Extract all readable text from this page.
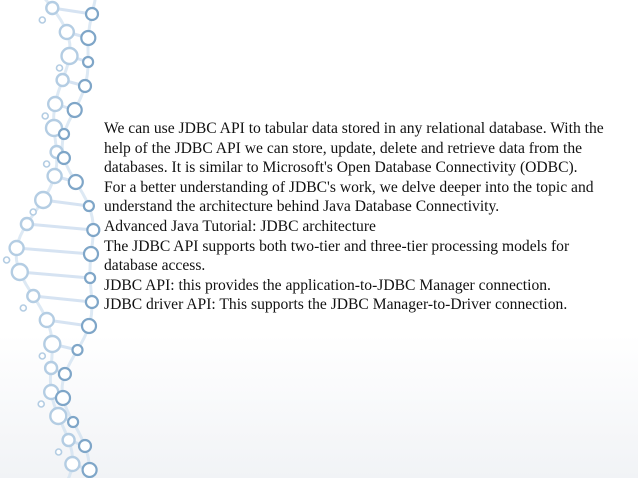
We can use JDBC API to tabular data stored in any relational database. With the help of the JDBC API we can store, update, delete and retrieve data from the databases. It is similar to Microsoft's Open Database Connectivity (ODBC).

For a better understanding of JDBC's work, we delve deeper into the topic and understand the architecture behind Java Database Connectivity.

Advanced Java Tutorial: JDBC architecture

The JDBC API supports both two-tier and three-tier processing models for database access.

JDBC API: this provides the application-to-JDBC Manager connection.

JDBC driver API: This supports the JDBC Manager-to-Driver connection.
